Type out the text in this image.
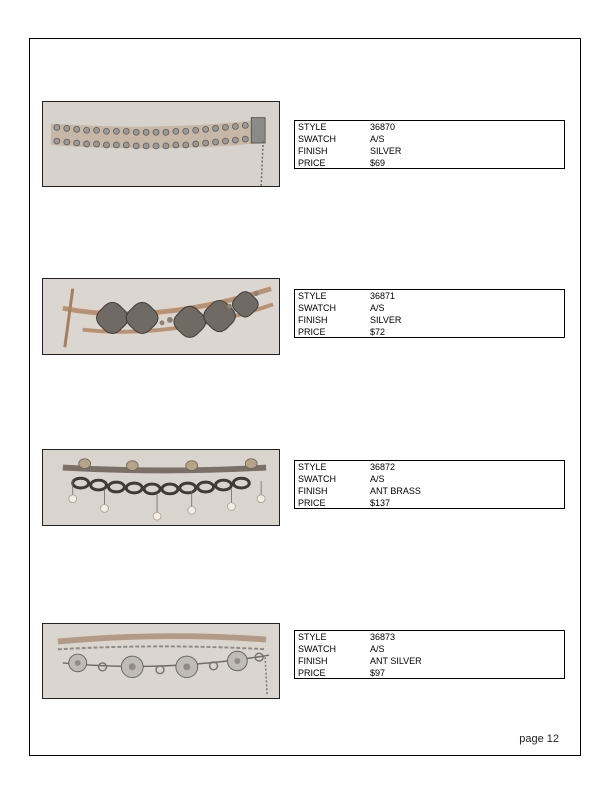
STYLE	36870
SWATCH	A/S
FINISH	SILVER
PRICE	$69
STYLE	36871
SWATCH	A/S
FINISH	SILVER
PRICE	$72
STYLE	36872
SWATCH	A/S
FINISH	ANT BRASS
PRICE	$137
STYLE	36873
SWATCH	A/S
FINISH	ANT SILVER
PRICE	$97
page 12
